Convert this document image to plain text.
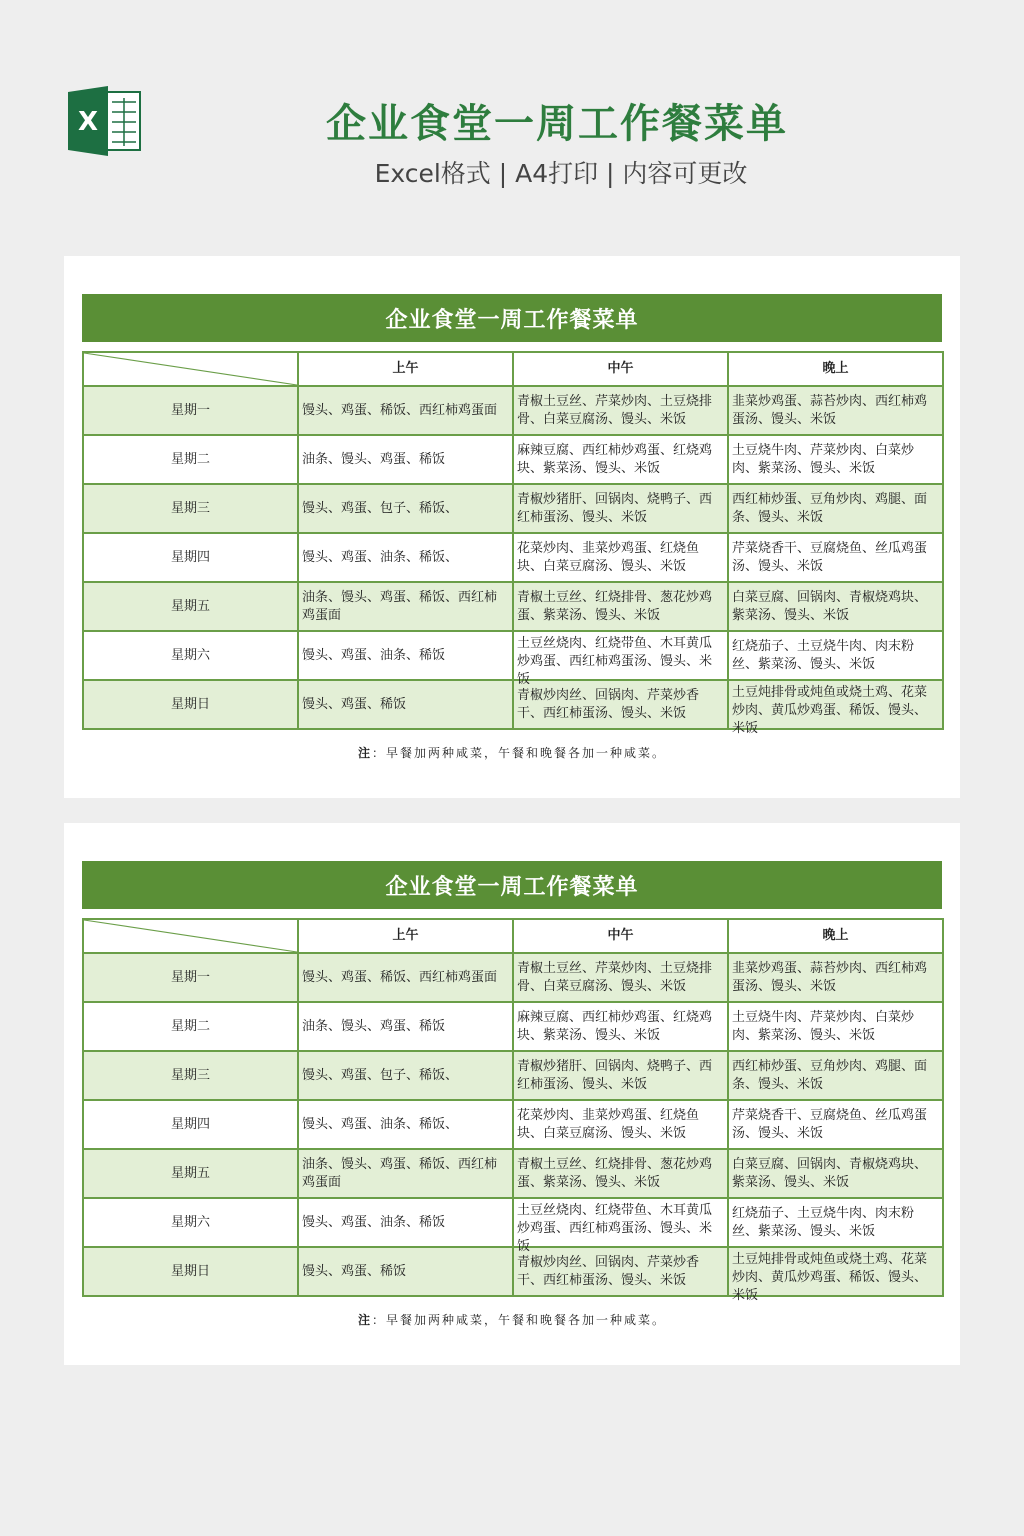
X	企业食堂一周工作餐菜单
Excel格式 | A4打印 | 内容可更改
企业食堂一周工作餐菜单
	上午	中午	晚上
星期一	馒头、鸡蛋、稀饭、西红柿鸡蛋面	青椒土豆丝、芹菜炒肉、土豆烧排骨、白菜豆腐汤、馒头、米饭	韭菜炒鸡蛋、蒜苔炒肉、西红柿鸡蛋汤、馒头、米饭

星期二	油条、馒头、鸡蛋、稀饭	麻辣豆腐、西红柿炒鸡蛋、红烧鸡块、紫菜汤、馒头、米饭	土豆烧牛肉、芹菜炒肉、白菜炒肉、紫菜汤、馒头、米饭

星期三	馒头、鸡蛋、包子、稀饭、	青椒炒猪肝、回锅肉、烧鸭子、西红柿蛋汤、馒头、米饭	西红柿炒蛋、豆角炒肉、鸡腿、面条、馒头、米饭

星期四	馒头、鸡蛋、油条、稀饭、	花菜炒肉、韭菜炒鸡蛋、红烧鱼块、白菜豆腐汤、馒头、米饭	芹菜烧香干、豆腐烧鱼、丝瓜鸡蛋汤、馒头、米饭

星期五	油条、馒头、鸡蛋、稀饭、西红柿鸡蛋面	青椒土豆丝、红烧排骨、葱花炒鸡蛋、紫菜汤、馒头、米饭	白菜豆腐、回锅肉、青椒烧鸡块、紫菜汤、馒头、米饭

星期六	馒头、鸡蛋、油条、稀饭	土豆丝烧肉、红烧带鱼、木耳黄瓜炒鸡蛋、西红柿鸡蛋汤、馒头、米饭	红烧茄子、土豆烧牛肉、肉末粉丝、紫菜汤、馒头、米饭

星期日	馒头、鸡蛋、稀饭	青椒炒肉丝、回锅肉、芹菜炒香干、西红柿蛋汤、馒头、米饭	土豆炖排骨或炖鱼或烧土鸡、花菜炒肉、黄瓜炒鸡蛋、稀饭、馒头、米饭
注：早餐加两种咸菜，午餐和晚餐各加一种咸菜。
企业食堂一周工作餐菜单
	上午	中午	晚上
星期一	馒头、鸡蛋、稀饭、西红柿鸡蛋面	青椒土豆丝、芹菜炒肉、土豆烧排骨、白菜豆腐汤、馒头、米饭	韭菜炒鸡蛋、蒜苔炒肉、西红柿鸡蛋汤、馒头、米饭

星期二	油条、馒头、鸡蛋、稀饭	麻辣豆腐、西红柿炒鸡蛋、红烧鸡块、紫菜汤、馒头、米饭	土豆烧牛肉、芹菜炒肉、白菜炒肉、紫菜汤、馒头、米饭

星期三	馒头、鸡蛋、包子、稀饭、	青椒炒猪肝、回锅肉、烧鸭子、西红柿蛋汤、馒头、米饭	西红柿炒蛋、豆角炒肉、鸡腿、面条、馒头、米饭

星期四	馒头、鸡蛋、油条、稀饭、	花菜炒肉、韭菜炒鸡蛋、红烧鱼块、白菜豆腐汤、馒头、米饭	芹菜烧香干、豆腐烧鱼、丝瓜鸡蛋汤、馒头、米饭

星期五	油条、馒头、鸡蛋、稀饭、西红柿鸡蛋面	青椒土豆丝、红烧排骨、葱花炒鸡蛋、紫菜汤、馒头、米饭	白菜豆腐、回锅肉、青椒烧鸡块、紫菜汤、馒头、米饭

星期六	馒头、鸡蛋、油条、稀饭	土豆丝烧肉、红烧带鱼、木耳黄瓜炒鸡蛋、西红柿鸡蛋汤、馒头、米饭	红烧茄子、土豆烧牛肉、肉末粉丝、紫菜汤、馒头、米饭

星期日	馒头、鸡蛋、稀饭	青椒炒肉丝、回锅肉、芹菜炒香干、西红柿蛋汤、馒头、米饭	土豆炖排骨或炖鱼或烧土鸡、花菜炒肉、黄瓜炒鸡蛋、稀饭、馒头、米饭
注：早餐加两种咸菜，午餐和晚餐各加一种咸菜。
